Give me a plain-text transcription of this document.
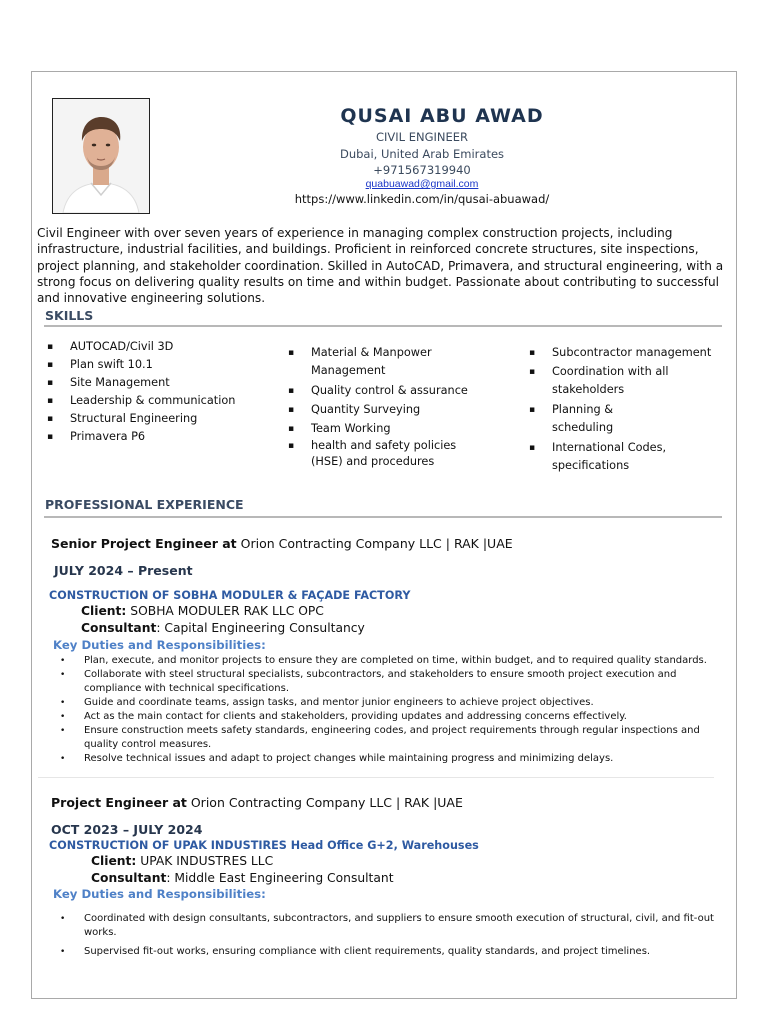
QUSAI ABU AWAD
CIVIL ENGINEER
Dubai, United Arab Emirates
+971567319940
quabuawad@gmail.com
https://www.linkedin.com/in/qusai-abuawad/
Civil Engineer with over seven years of experience in managing complex construction projects, including infrastructure, industrial facilities, and buildings. Proficient in reinforced concrete structures, site inspections, project planning, and stakeholder coordination. Skilled in AutoCAD, Primavera, and structural engineering, with a strong focus on delivering quality results on time and within budget. Passionate about contributing to successful and innovative engineering solutions.
SKILLS
▪ AUTOCAD/Civil 3D
▪ Plan swift 10.1
▪ Site Management
▪ Leadership & communication
▪ Structural Engineering
▪ Primavera P6
▪ Material & Manpower Management
▪ Quality control & assurance
▪ Quantity Surveying
▪ Team Working
▪ health and safety policies (HSE) and procedures
▪ Subcontractor management
▪ Coordination with all stakeholders
▪ Planning & scheduling
▪ International Codes, specifications
PROFESSIONAL EXPERIENCE
Senior Project Engineer at Orion Contracting Company LLC | RAK |UAE
JULY 2024 – Present
CONSTRUCTION OF SOBHA MODULER & FAÇADE FACTORY
Client: SOBHA MODULER RAK LLC OPC
Consultant: Capital Engineering Consultancy
Key Duties and Responsibilities:
• Plan, execute, and monitor projects to ensure they are completed on time, within budget, and to required quality standards.
• Collaborate with steel structural specialists, subcontractors, and stakeholders to ensure smooth project execution and compliance with technical specifications.
• Guide and coordinate teams, assign tasks, and mentor junior engineers to achieve project objectives.
• Act as the main contact for clients and stakeholders, providing updates and addressing concerns effectively.
• Ensure construction meets safety standards, engineering codes, and project requirements through regular inspections and quality control measures.
• Resolve technical issues and adapt to project changes while maintaining progress and minimizing delays.
Project Engineer at Orion Contracting Company LLC | RAK |UAE
OCT 2023 – JULY 2024
CONSTRUCTION OF UPAK INDUSTIRES Head Office G+2, Warehouses
Client: UPAK INDUSTRES LLC
Consultant: Middle East Engineering Consultant
Key Duties and Responsibilities:
• Coordinated with design consultants, subcontractors, and suppliers to ensure smooth execution of structural, civil, and fit-out works.
• Supervised fit-out works, ensuring compliance with client requirements, quality standards, and project timelines.
